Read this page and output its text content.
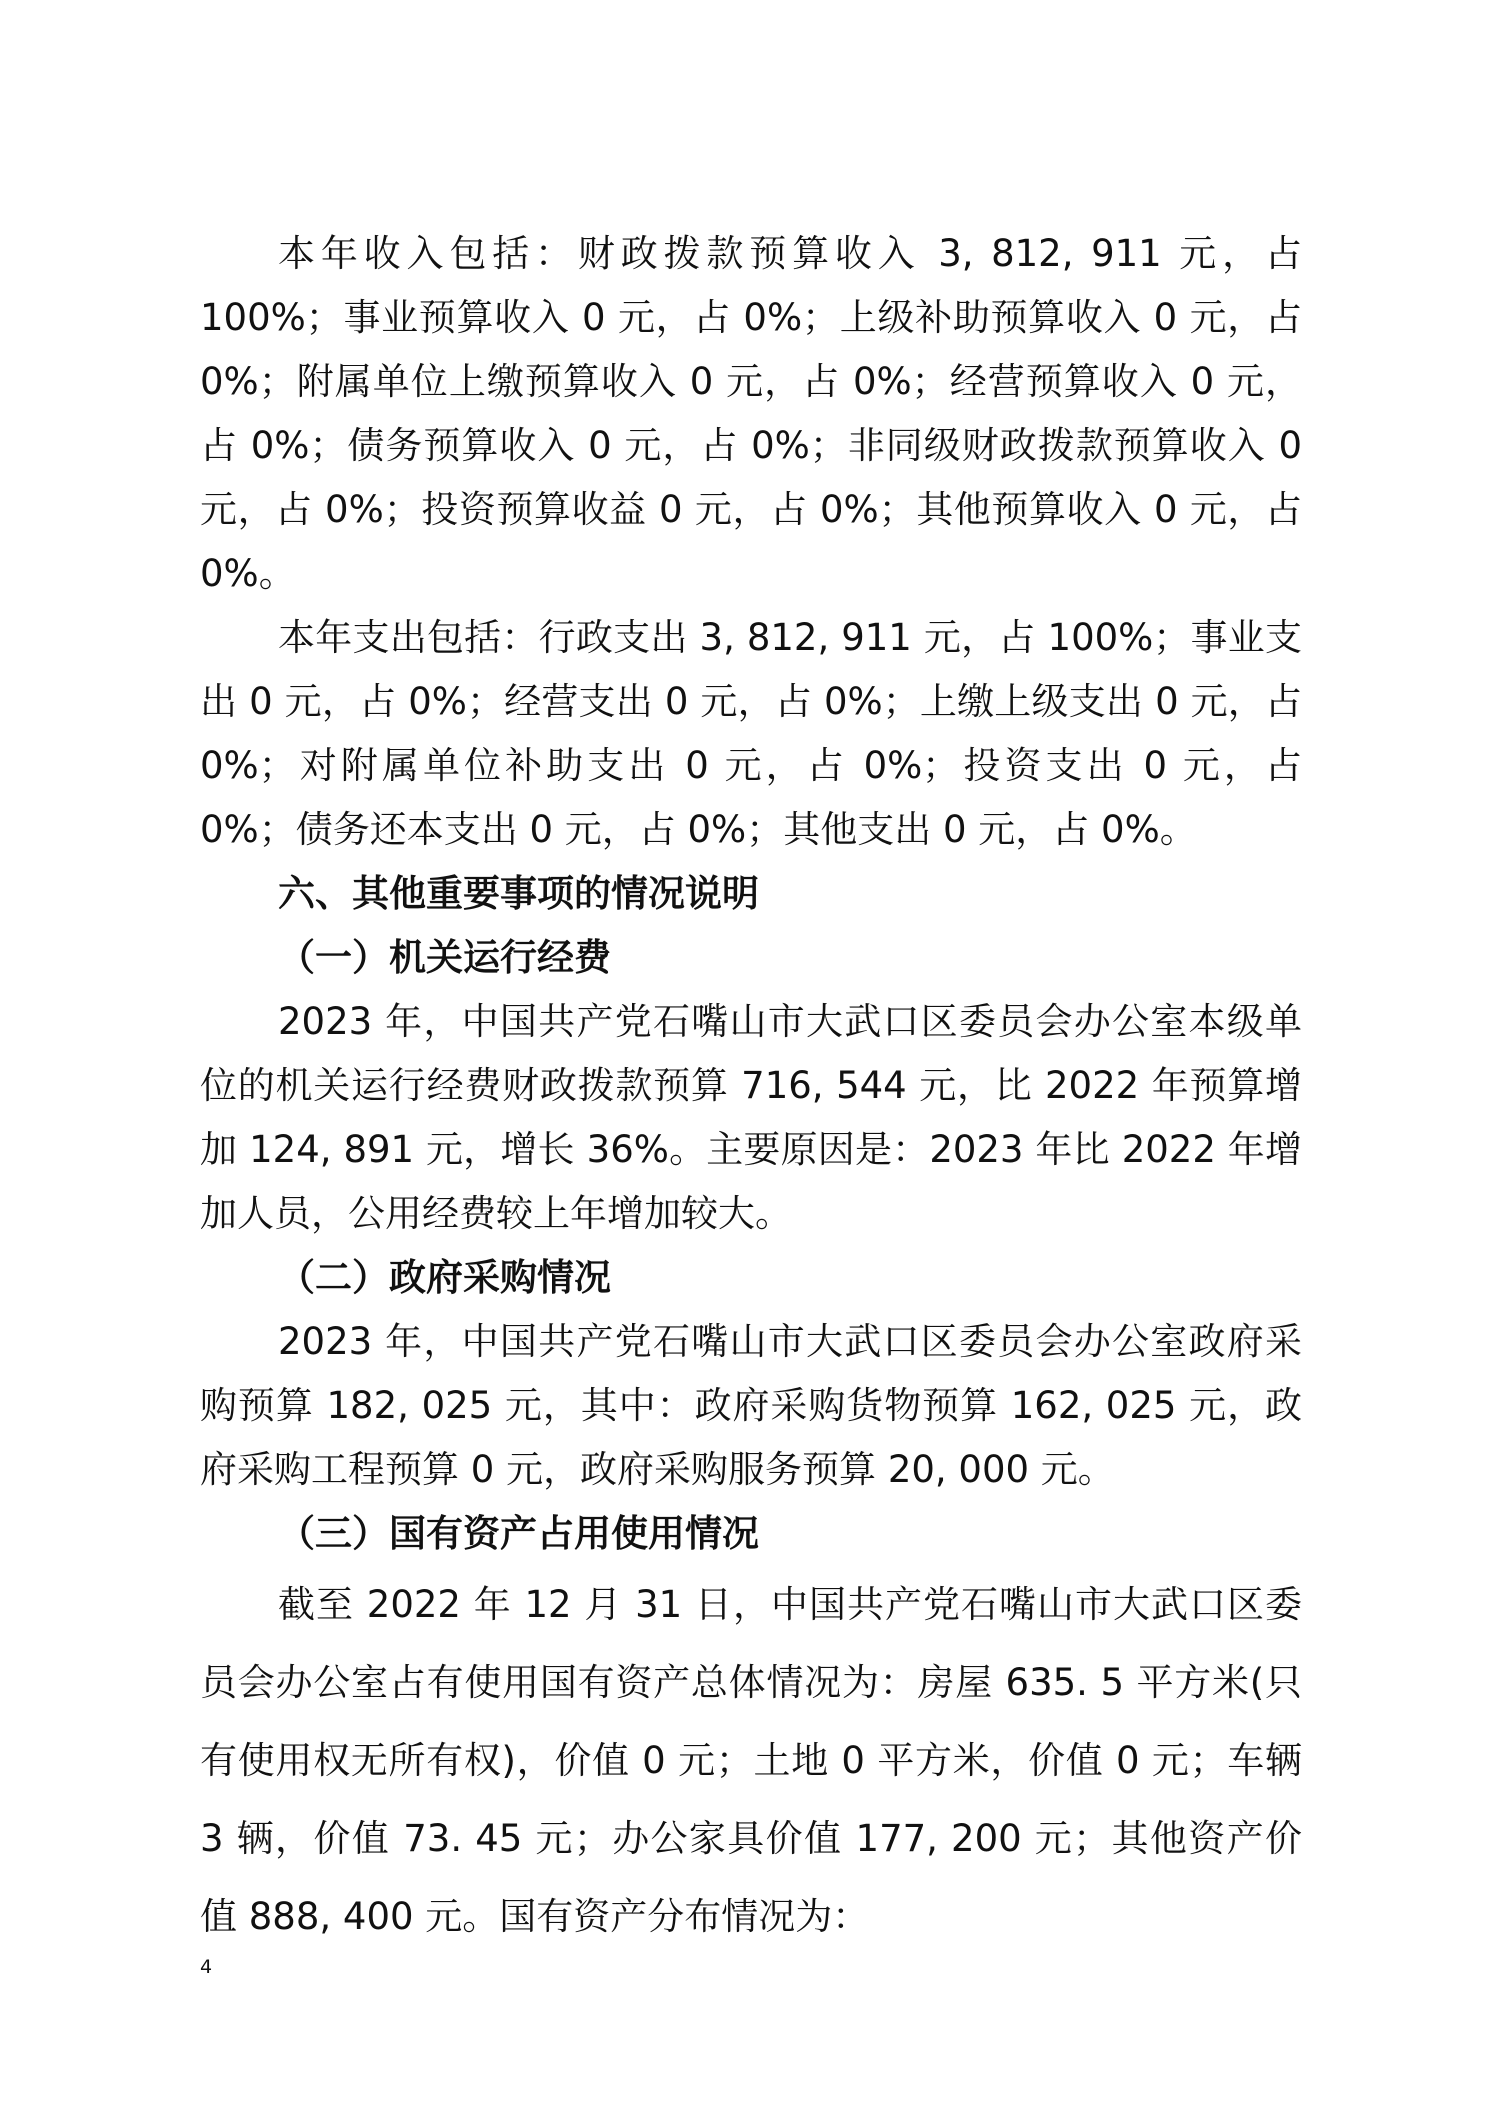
本年收入包括：财政拨款预算收入 3, 812, 911 元，占 100%；事业预算收入 0 元，占 0%；上级补助预算收入 0 元，占 0%；附属单位上缴预算收入 0 元，占 0%；经营预算收入 0 元，占 0%；债务预算收入 0 元，占 0%；非同级财政拨款预算收入 0 元，占 0%；投资预算收益 0 元，占 0%；其他预算收入 0 元，占 0%。

本年支出包括：行政支出 3, 812, 911 元，占 100%；事业支出 0 元，占 0%；经营支出 0 元，占 0%；上缴上级支出 0 元，占 0%；对附属单位补助支出 0 元，占 0%；投资支出 0 元，占 0%；债务还本支出 0 元，占 0%；其他支出 0 元，占 0%。

六、其他重要事项的情况说明

（一）机关运行经费

2023 年，中国共产党石嘴山市大武口区委员会办公室本级单位的机关运行经费财政拨款预算 716, 544 元，比 2022 年预算增加 124, 891 元，增长 36%。主要原因是：2023 年比 2022 年增加人员，公用经费较上年增加较大。

（二）政府采购情况

2023 年，中国共产党石嘴山市大武口区委员会办公室政府采购预算 182, 025 元，其中：政府采购货物预算 162, 025 元，政府采购工程预算 0 元，政府采购服务预算 20, 000 元。

（三）国有资产占用使用情况

截至 2022 年 12 月 31 日，中国共产党石嘴山市大武口区委员会办公室占有使用国有资产总体情况为：房屋 635. 5 平方米(只有使用权无所有权)，价值 0 元；土地 0 平方米，价值 0 元；车辆 3 辆，价值 73. 45 元；办公家具价值 177, 200 元；其他资产价值 888, 400 元。国有资产分布情况为：

4
